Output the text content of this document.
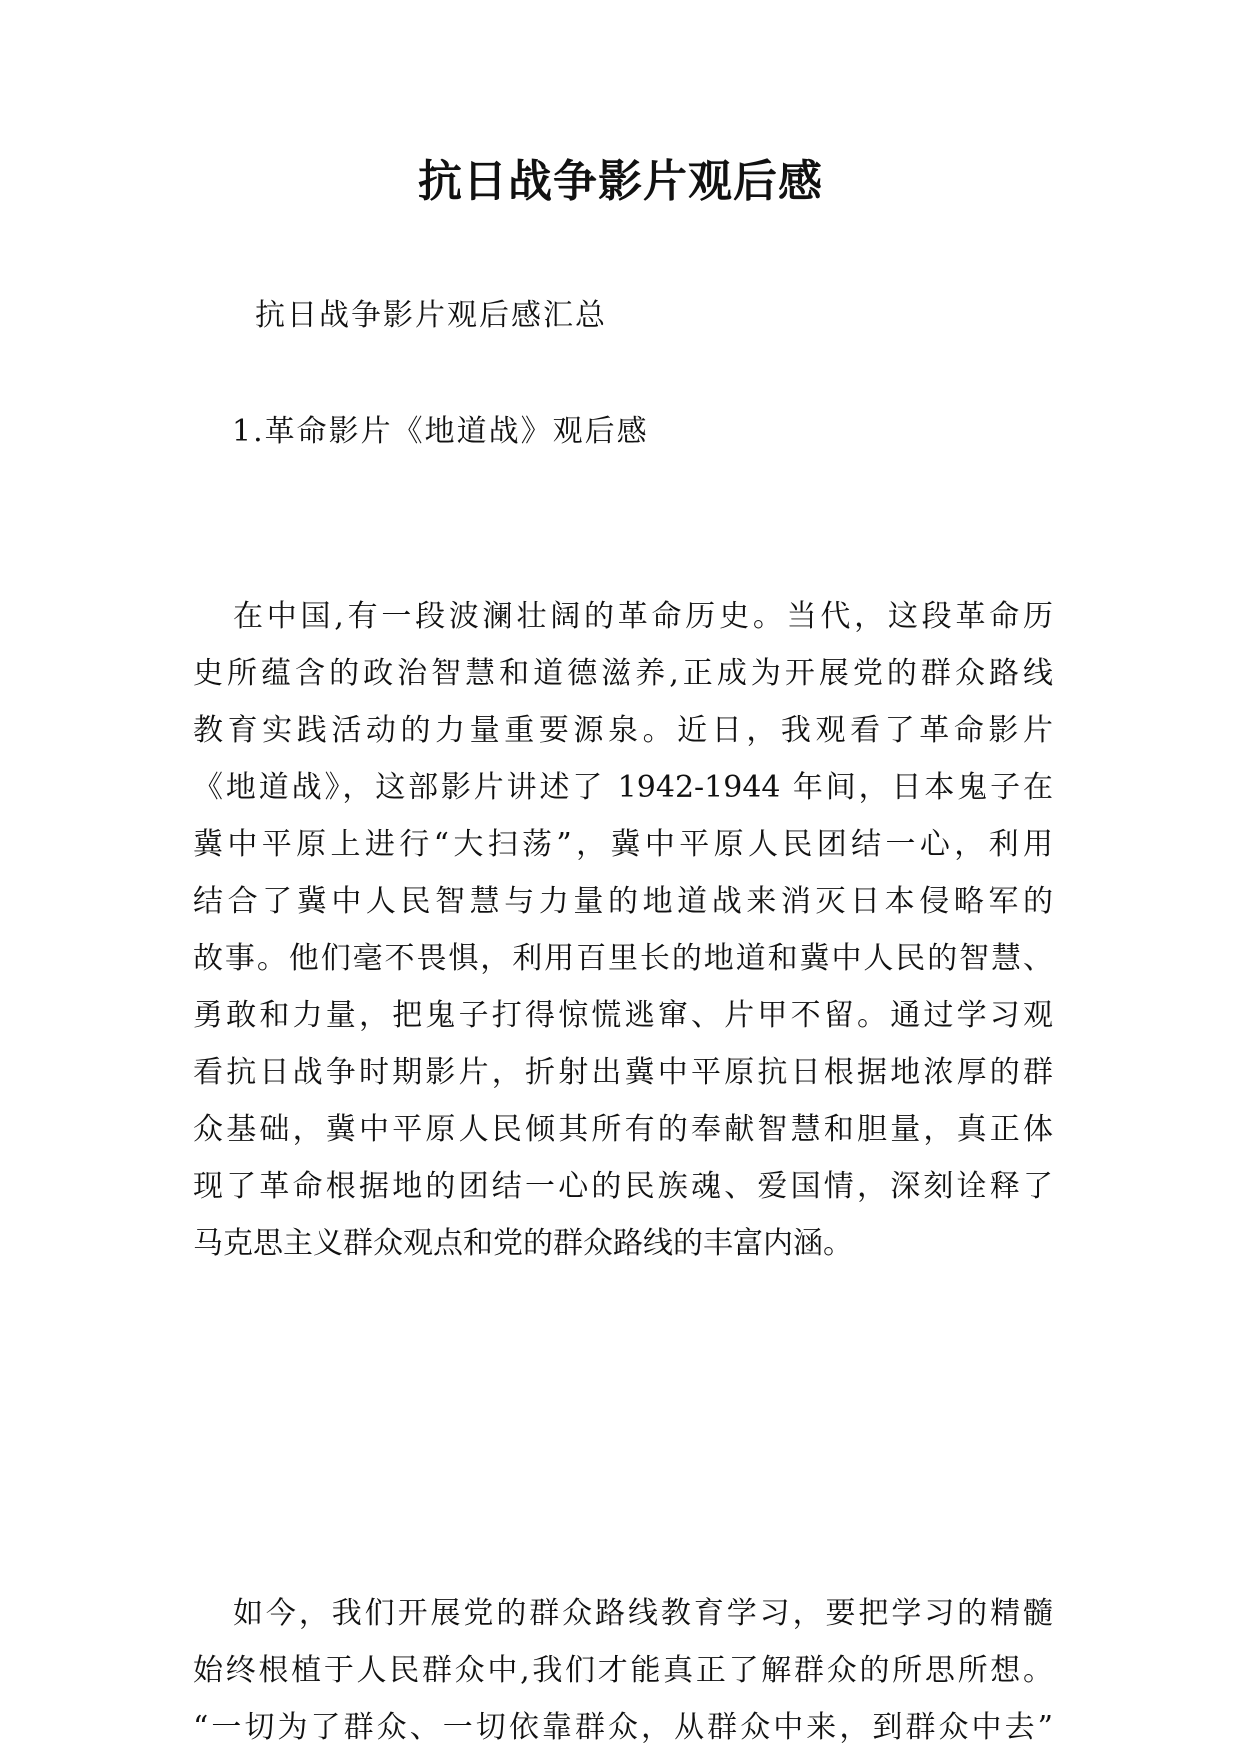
抗日战争影片观后感
抗日战争影片观后感汇总
1.革命影片《地道战》观后感
在中国,有一段波澜壮阔的革命历史。当代，这段革命历
史所蕴含的政治智慧和道德滋养,正成为开展党的群众路线
教育实践活动的力量重要源泉。近日，我观看了革命影片
《地道战》，这部影片讲述了 1942-1944 年间，日本鬼子在
冀中平原上进行“大扫荡”，冀中平原人民团结一心，利用
结合了冀中人民智慧与力量的地道战来消灭日本侵略军的
故事。他们毫不畏惧，利用百里长的地道和冀中人民的智慧、
勇敢和力量，把鬼子打得惊慌逃窜、片甲不留。通过学习观
看抗日战争时期影片，折射出冀中平原抗日根据地浓厚的群
众基础，冀中平原人民倾其所有的奉献智慧和胆量，真正体
现了革命根据地的团结一心的民族魂、爱国情，深刻诠释了
马克思主义群众观点和党的群众路线的丰富内涵。
如今，我们开展党的群众路线教育学习，要把学习的精髓
始终根植于人民群众中,我们才能真正了解群众的所思所想。
“一切为了群众、一切依靠群众，从群众中来，到群众中去”
